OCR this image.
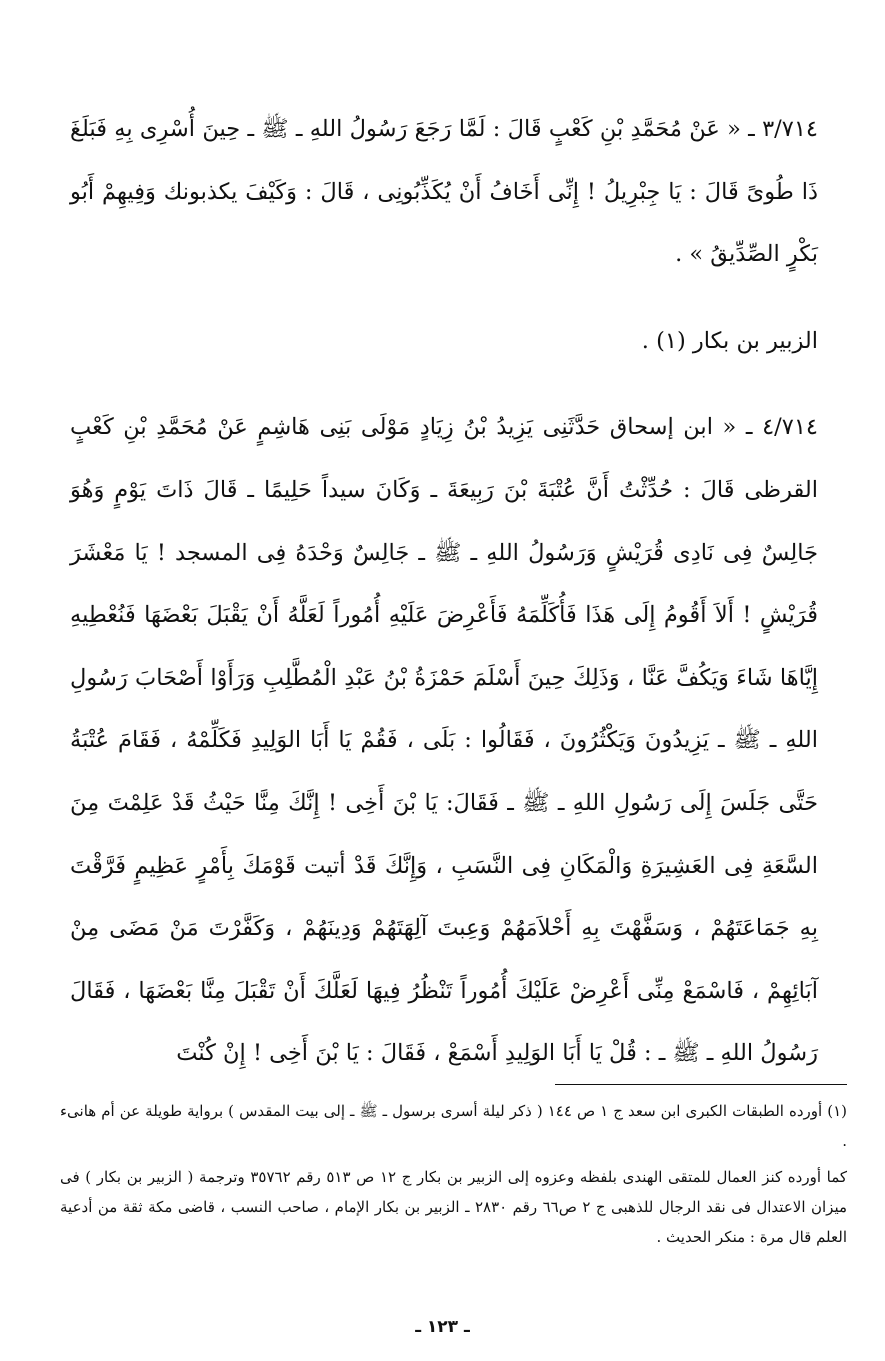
٣/٧١٤ ـ « عَنْ مُحَمَّدِ بْنِ كَعْبٍ قَالَ : لَمَّا رَجَعَ رَسُولُ اللهِ ـ ﷺ ـ حِينَ أُسْرِى بِهِ فَبَلَغَ ذَا طُوىً قَالَ : يَا جِبْرِيلُ ! إِنِّى أَخَافُ أَنْ يُكَذِّبُونِى ، قَالَ : وَكَيْفَ يكذبونك وَفِيهِمْ أَبُو بَكْرٍ الصِّدِّيقُ » .

الزبير بن بكار (١) .

٤/٧١٤ ـ « ابن إسحاق حَدَّثَنِى يَزِيدُ بْنُ زِيَادٍ مَوْلَى بَنِى هَاشِمٍ عَنْ مُحَمَّدِ بْنِ كَعْبٍ القرظى قَالَ : حُدِّثْتُ أَنَّ عُتْبَةَ بْنَ رَبِيعَةَ ـ وَكَانَ سيداً حَلِيمًا ـ قَالَ ذَاتَ يَوْمٍ وَهُوَ جَالِسٌ فِى نَادِى قُرَيْشٍ وَرَسُولُ اللهِ ـ ﷺ ـ جَالِسٌ وَحْدَهُ فِى المسجد ! يَا مَعْشَرَ قُرَيْشٍ ! أَلاَ أَقُومُ إِلَى هَذَا فَأُكَلِّمَهُ فَأَعْرِضَ عَلَيْهِ أُمُوراً لَعَلَّهُ أَنْ يَقْبَلَ بَعْضَهَا فَنُعْطِيهِ إِيَّاهَا شَاءَ وَيَكُفَّ عَنَّا ، وَذَلِكَ حِينَ أَسْلَمَ حَمْزَةُ بْنُ عَبْدِ الْمُطَّلِبِ وَرَأَوْا أَصْحَابَ رَسُولِ اللهِ ـ ﷺ ـ يَزِيدُونَ وَيَكْثُرُونَ ، فَقَالُوا : بَلَى ، فَقُمْ يَا أَبَا الوَلِيدِ فَكَلِّمْهُ ، فَقَامَ عُتْبَةُ حَتَّى جَلَسَ إِلَى رَسُولِ اللهِ ـ ﷺ ـ فَقَالَ: يَا بْنَ أَخِى ! إِنَّكَ مِنَّا حَيْثُ قَدْ عَلِمْتَ مِنَ السَّعَةِ فِى العَشِيرَةِ وَالْمَكَانِ فِى النَّسَبِ ، وَإِنَّكَ قَدْ أتيت قَوْمَكَ بِأَمْرٍ عَظِيمٍ فَرَّقْتَ بِهِ جَمَاعَتَهُمْ ، وَسَفَّهْتَ بِهِ أَحْلاَمَهُمْ وَعِبتَ آلِهَتَهُمْ وَدِينَهُمْ ، وَكَفَّرْتَ مَنْ مَضَى مِنْ آبَائِهِمْ ، فَاسْمَعْ مِنِّى أَعْرِضْ عَلَيْكَ أُمُوراً تَنْظُرُ فِيهَا لَعَلَّكَ أَنْ تَقْبَلَ مِنَّا بَعْضَهَا ، فَقَالَ رَسُولُ اللهِ ـ ﷺ ـ : قُلْ يَا أَبَا الوَلِيدِ أَسْمَعْ ، فَقَالَ : يَا بْنَ أَخِى ! إِنْ كُنْتَ

(١) أورده الطبقات الكبرى ابن سعد ج ١ ص ١٤٤ ( ذكر ليلة أسرى برسول ـ ﷺ ـ إلى بيت المقدس ) برواية طويلة عن أم هانىء .

كما أورده كنز العمال للمتقى الهندى بلفظه وعزوه إلى الزبير بن بكار ج ١٢ ص ٥١٣ رقم ٣٥٧٦٢ وترجمة ( الزبير بن بكار ) فى ميزان الاعتدال فى نقد الرجال للذهبى ج ٢ ص٦٦ رقم ٢٨٣٠ ـ الزبير بن بكار الإمام ، صاحب النسب ، قاضى مكة ثقة من أدعية العلم قال مرة : منكر الحديث .

ـ ١٢٣ ـ
